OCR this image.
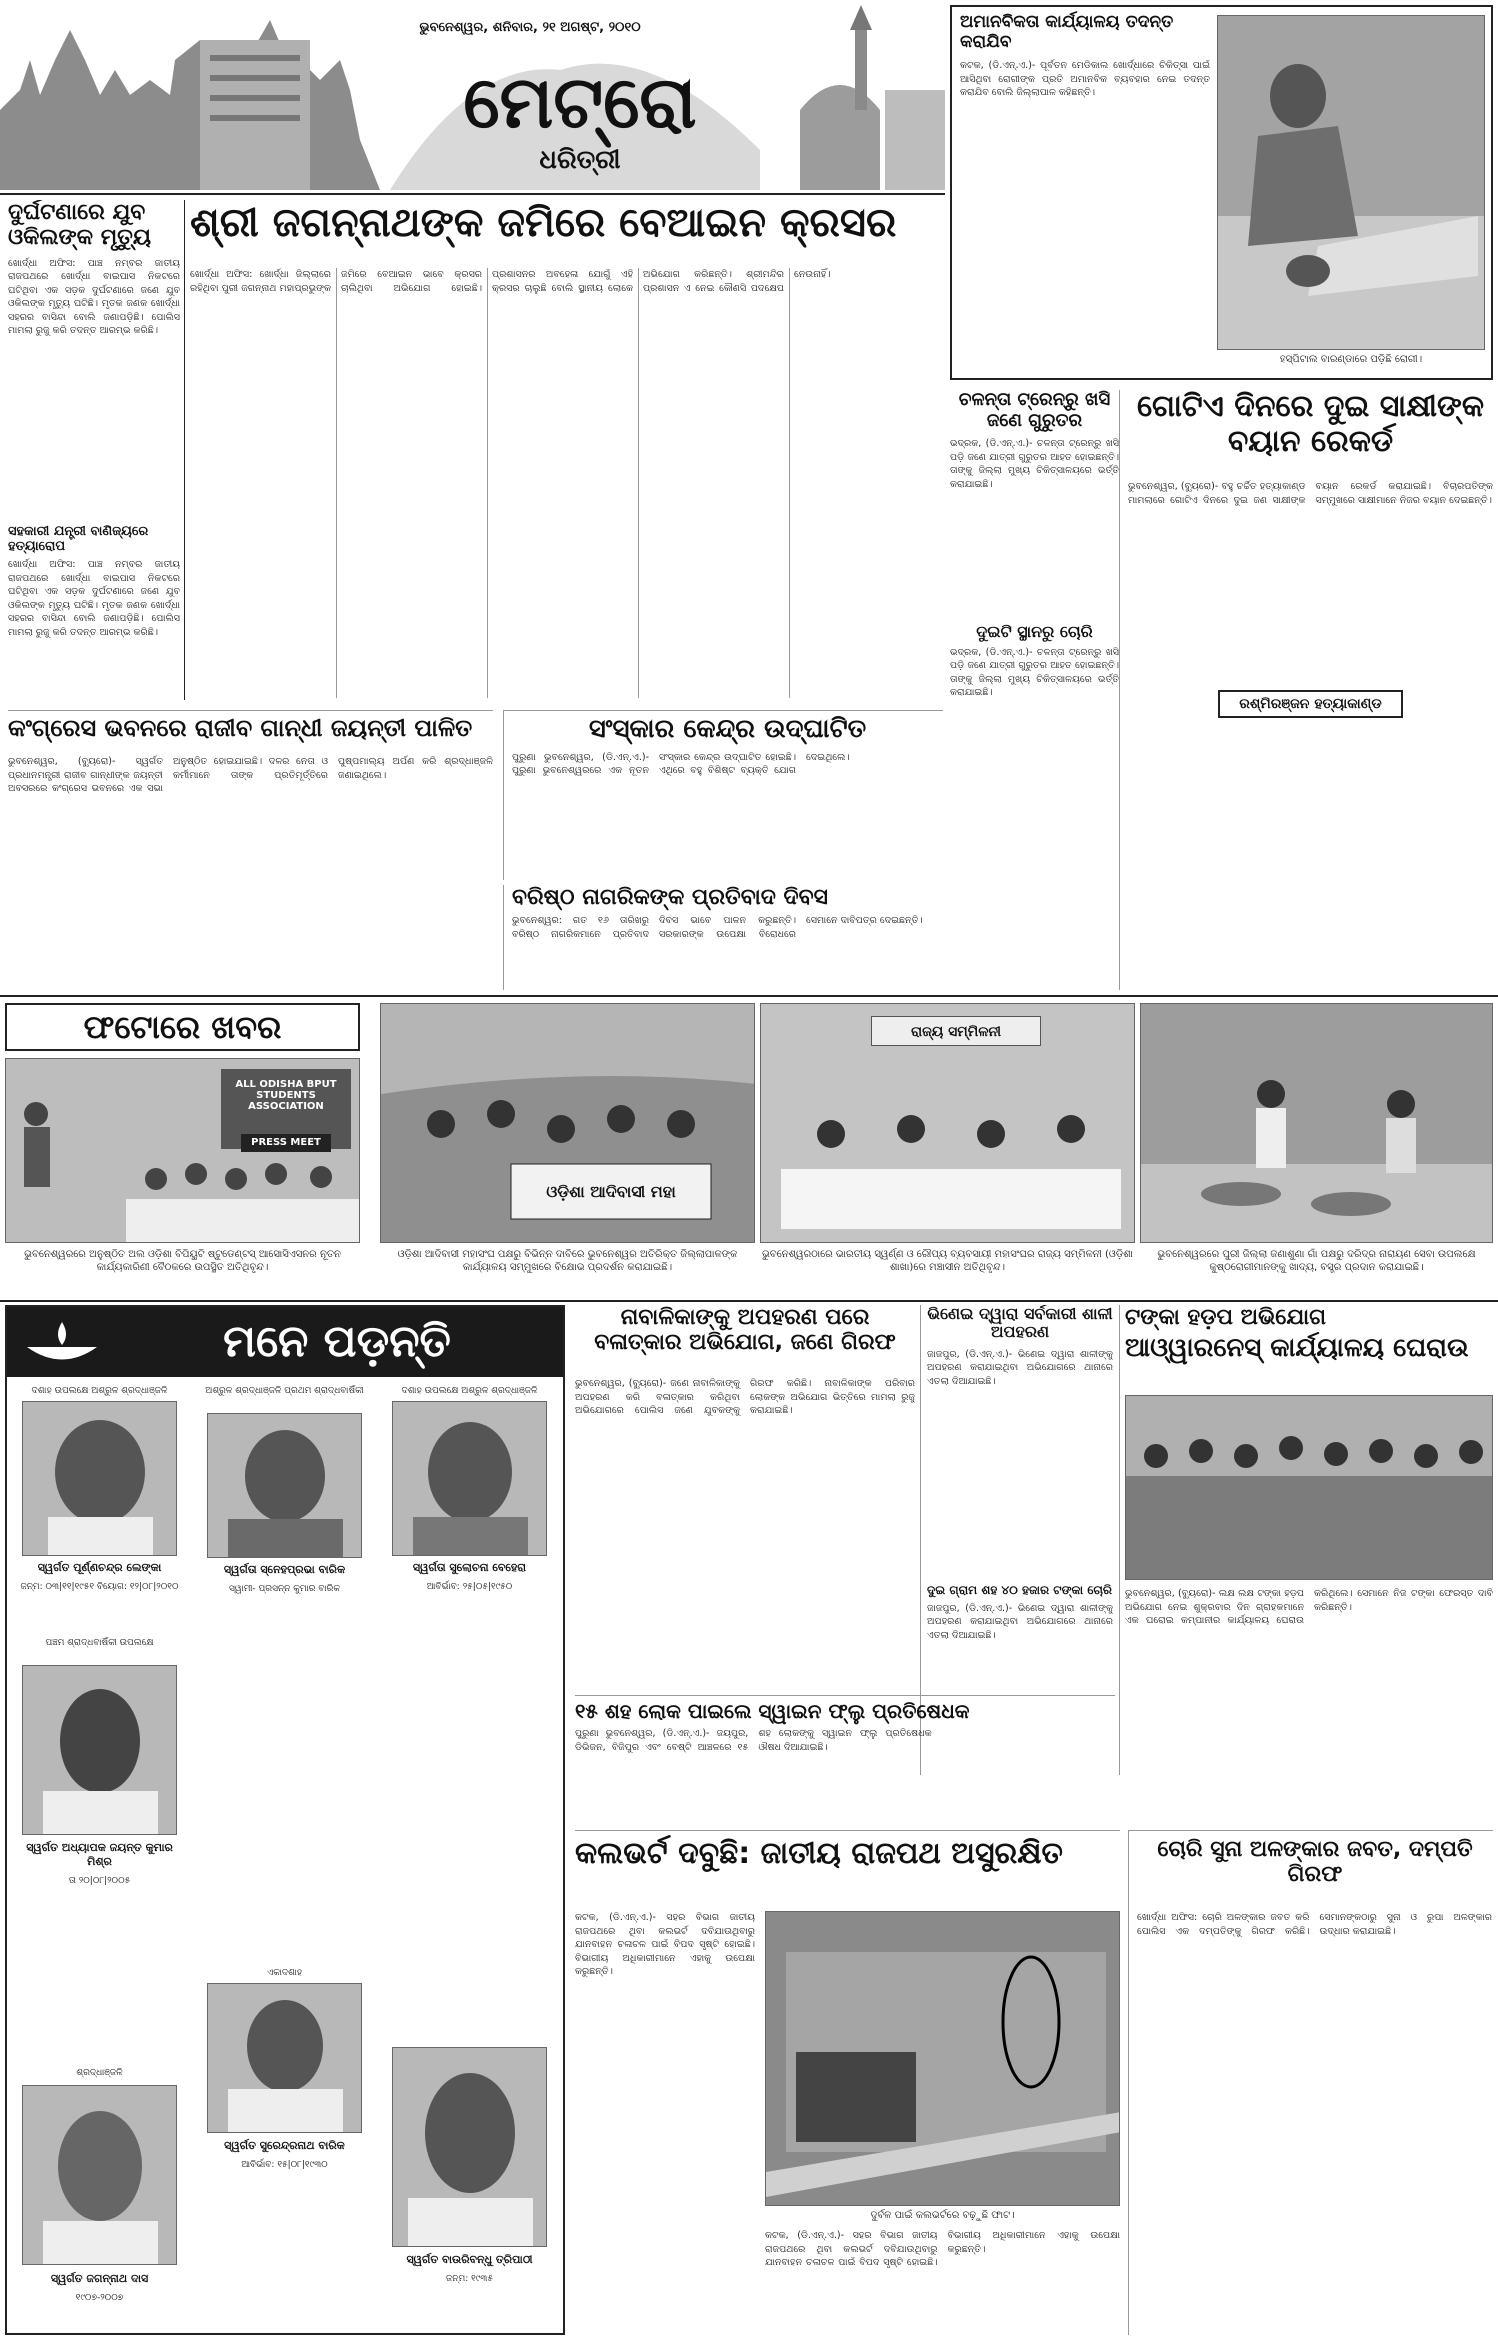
ଭୁବନେଶ୍ୱର, ଶନିବାର, ୨୧ ଅଗଷ୍ଟ, ୨୦୧୦
ମେଟ୍ରୋ
ଧରିତ୍ରୀ
ଦୁର୍ଘଟଣାରେ ଯୁବ ଓକିଲଙ୍କ ମୃତ୍ୟୁ
ଖୋର୍ଦ୍ଧା ଅଫିସ: ପାଞ୍ଚ ନମ୍ବର ଜାତୀୟ ରାଜପଥରେ ଖୋର୍ଦ୍ଧା ବାଇପାସ ନିକଟରେ ଘଟିଥିବା ଏକ ସଡ଼କ ଦୁର୍ଘଟଣାରେ ଜଣେ ଯୁବ ଓକିଲଙ୍କ ମୃତ୍ୟୁ ଘଟିଛି। ମୃତକ ଜଣକ ଖୋର୍ଦ୍ଧା ସହରର ବାସିନ୍ଦା ବୋଲି ଜଣାପଡ଼ିଛି। ପୋଲିସ ମାମଲା ରୁଜୁ କରି ତଦନ୍ତ ଆରମ୍ଭ କରିଛି।
ସହକାରୀ ଯନ୍ତ୍ରୀ ବାଣିଜ୍ୟରେ ହତ୍ୟାରୋପ
ଖୋର୍ଦ୍ଧା ଅଫିସ: ପାଞ୍ଚ ନମ୍ବର ଜାତୀୟ ରାଜପଥରେ ଖୋର୍ଦ୍ଧା ବାଇପାସ ନିକଟରେ ଘଟିଥିବା ଏକ ସଡ଼କ ଦୁର୍ଘଟଣାରେ ଜଣେ ଯୁବ ଓକିଲଙ୍କ ମୃତ୍ୟୁ ଘଟିଛି। ମୃତକ ଜଣକ ଖୋର୍ଦ୍ଧା ସହରର ବାସିନ୍ଦା ବୋଲି ଜଣାପଡ଼ିଛି। ପୋଲିସ ମାମଲା ରୁଜୁ କରି ତଦନ୍ତ ଆରମ୍ଭ କରିଛି।
ଶ୍ରୀ ଜଗନ୍ନାଥଙ୍କ ଜମିରେ ବେଆଇନ କ୍ରସର
ଖୋର୍ଦ୍ଧା ଅଫିସ: ଖୋର୍ଦ୍ଧା ଜିଲ୍ଲାରେ ରହିଥିବା ପୁରୀ ଜଗନ୍ନାଥ ମହାପ୍ରଭୁଙ୍କ ଜମିରେ ବେଆଇନ ଭାବେ କ୍ରସର ଚାଲିଥିବା ଅଭିଯୋଗ ହୋଇଛି। ପ୍ରଶାସନର ଅବହେଳା ଯୋଗୁଁ ଏହି କ୍ରସର ଚାଲୁଛି ବୋଲି ସ୍ଥାନୀୟ ଲୋକେ ଅଭିଯୋଗ କରିଛନ୍ତି। ଶ୍ରୀମନ୍ଦିର ପ୍ରଶାସନ ଏ ନେଇ କୌଣସି ପଦକ୍ଷେପ ନେଉନାହିଁ।
ଅମାନବିକତା କାର୍ଯ୍ୟାଳୟ ତଦନ୍ତ କରାଯିବ
କଟକ, (ଡି.ଏନ୍.ଏ.)- ପୂର୍ବତନ ମେଡିକାଲ ଖୋର୍ଦ୍ଧାରେ ଚିକିତ୍ସା ପାଇଁ ଆସିଥିବା ରୋଗୀଙ୍କ ପ୍ରତି ଅମାନବିକ ବ୍ୟବହାର ନେଇ ତଦନ୍ତ କରାଯିବ ବୋଲି ଜିଲ୍ଲାପାଳ କହିଛନ୍ତି।
ହସ୍ପିଟାଲ ବାରଣ୍ଡାରେ ପଡ଼ିଛି ରୋଗୀ।
ଚଳନ୍ତା ଟ୍ରେନ୍‌ରୁ ଖସି ଜଣେ ଗୁରୁତର
ଭଦ୍ରକ, (ଡି.ଏନ୍.ଏ.)- ଚଳନ୍ତା ଟ୍ରେନ୍‌ରୁ ଖସି ପଡ଼ି ଜଣେ ଯାତ୍ରୀ ଗୁରୁତର ଆହତ ହୋଇଛନ୍ତି। ତାଙ୍କୁ ଜିଲ୍ଲା ମୁଖ୍ୟ ଚିକିତ୍ସାଳୟରେ ଭର୍ତ୍ତି କରାଯାଇଛି।
ଦୁଇଟି ସ୍ଥାନରୁ ଚୋରି
ଭଦ୍ରକ, (ଡି.ଏନ୍.ଏ.)- ଚଳନ୍ତା ଟ୍ରେନ୍‌ରୁ ଖସି ପଡ଼ି ଜଣେ ଯାତ୍ରୀ ଗୁରୁତର ଆହତ ହୋଇଛନ୍ତି। ତାଙ୍କୁ ଜିଲ୍ଲା ମୁଖ୍ୟ ଚିକିତ୍ସାଳୟରେ ଭର୍ତ୍ତି କରାଯାଇଛି।
ଗୋଟିଏ ଦିନରେ ଦୁଇ ସାକ୍ଷୀଙ୍କ ବୟାନ ରେକର୍ଡ
ଭୁବନେଶ୍ୱର, (ବ୍ୟୁରୋ)- ବହୁ ଚର୍ଚ୍ଚିତ ହତ୍ୟାକାଣ୍ଡ ମାମଲାରେ ଗୋଟିଏ ଦିନରେ ଦୁଇ ଜଣ ସାକ୍ଷୀଙ୍କ ବୟାନ ରେକର୍ଡ କରାଯାଇଛି। ବିଚାରପତିଙ୍କ ସମ୍ମୁଖରେ ସାକ୍ଷୀମାନେ ନିଜର ବୟାନ ଦେଇଛନ୍ତି।
ରଶ୍ମିରଞ୍ଜନ ହତ୍ୟାକାଣ୍ଡ
କଂଗ୍ରେସ ଭବନରେ ରାଜୀବ ଗାନ୍ଧୀ ଜୟନ୍ତୀ ପାଳିତ
ଭୁବନେଶ୍ୱର, (ବ୍ୟୁରୋ)- ସ୍ୱର୍ଗତ ପ୍ରଧାନମନ୍ତ୍ରୀ ରାଜୀବ ଗାନ୍ଧୀଙ୍କ ଜୟନ୍ତୀ ଅବସରରେ କଂଗ୍ରେସ ଭବନରେ ଏକ ସଭା ଅନୁଷ୍ଠିତ ହୋଇଯାଇଛି। ଦଳର ନେତା ଓ କର୍ମୀମାନେ ତାଙ୍କ ପ୍ରତିମୂର୍ତ୍ତିରେ ପୁଷ୍ପମାଲ୍ୟ ଅର୍ପଣ କରି ଶ୍ରଦ୍ଧାଞ୍ଜଳି ଜଣାଇଥିଲେ।
ସଂସ୍କାର କେନ୍ଦ୍ର ଉଦ୍‌ଘାଟିତ
ପୁରୁଣା ଭୁବନେଶ୍ୱର, (ଡି.ଏନ୍.ଏ.)- ପୁରୁଣା ଭୁବନେଶ୍ୱରରେ ଏକ ନୂତନ ସଂସ୍କାର କେନ୍ଦ୍ର ଉଦ୍‌ଘାଟିତ ହୋଇଛି। ଏଥିରେ ବହୁ ବିଶିଷ୍ଟ ବ୍ୟକ୍ତି ଯୋଗ ଦେଇଥିଲେ।
ବରିଷ୍ଠ ନାଗରିକଙ୍କ ପ୍ରତିବାଦ ଦିବସ
ଭୁବନେଶ୍ୱର: ଗତ ୧୬ ତାରିଖରୁ ବରିଷ୍ଠ ନାଗରିକମାନେ ପ୍ରତିବାଦ ଦିବସ ଭାବେ ପାଳନ କରୁଛନ୍ତି। ସରକାରଙ୍କ ଉପେକ୍ଷା ବିରୋଧରେ ସେମାନେ ଦାବିପତ୍ର ଦେଇଛନ୍ତି।
ଫଟୋରେ ଖବର
ALL ODISHA BPUT STUDENTS ASSOCIATION
PRESS MEET
ଭୁବନେଶ୍ୱରରେ ଅନୁଷ୍ଠିତ ଅଲ ଓଡ଼ିଶା ବିପିୟୁଟି ଷ୍ଟୁଡେଣ୍ଟସ୍ ଆସୋସିଏସନର ନୂତନ କାର୍ଯ୍ୟକାରିଣୀ ବୈଠକରେ ଉପସ୍ଥିତ ଅତିଥିବୃନ୍ଦ।
ଓଡ଼ିଶା ଆଦିବାସୀ ମହା
ଓଡ଼ିଶା ଆଦିବାସୀ ମହାସଂଘ ପକ୍ଷରୁ ବିଭିନ୍ନ ଦାବିରେ ଭୁବନେଶ୍ୱର ଅତିରିକ୍ତ ଜିଲ୍ଲାପାଳଙ୍କ କାର୍ଯ୍ୟାଳୟ ସମ୍ମୁଖରେ ବିକ୍ଷୋଭ ପ୍ରଦର୍ଶନ କରାଯାଇଛି।
ରାଜ୍ୟ ସମ୍ମିଳନୀ
ଭୁବନେଶ୍ୱରଠାରେ ଭାରତୀୟ ସ୍ୱର୍ଣ୍ଣ ଓ ରୌପ୍ୟ ବ୍ୟବସାୟୀ ମହାସଂଘର ରାଜ୍ୟ ସମ୍ମିଳନୀ (ଓଡ଼ିଶା ଶାଖା)ରେ ମଞ୍ଚାସୀନ ଅତିଥିବୃନ୍ଦ।
ଭୁବନେଶ୍ୱରରେ ପୁରୀ ଜିଲ୍ଲା ଜଣାଶୁଣା ଗାଁ ପକ୍ଷରୁ ଦରିଦ୍ର ନାରାୟଣ ସେବା ଉପଲକ୍ଷେ କୁଷ୍ଠରୋଗୀମାନଙ୍କୁ ଖାଦ୍ୟ, ବସ୍ତ୍ର ପ୍ରଦାନ କରାଯାଇଛି।
ମନେ ପଡ଼ନ୍ତି
ଦଶାହ ଉପଲକ୍ଷେ ଅଶ୍ରୁଳ ଶ୍ରଦ୍ଧାଞ୍ଜଳି
ସ୍ୱର୍ଗତ ପୂର୍ଣ୍ଣଚନ୍ଦ୍ର ଲେଙ୍କା
ଜନ୍ମ: ୦୩|୧୧|୧୯୫୧ ବିୟୋଗ: ୧୨|୦୮|୨୦୧୦
ଅଶ୍ରୁଳ ଶ୍ରଦ୍ଧାଞ୍ଜଳି ପ୍ରଥମ ଶ୍ରାଦ୍ଧବାର୍ଷିକୀ
ସ୍ୱର୍ଗତା ସ୍ନେହପ୍ରଭା ବାରିକ
ସ୍ୱାମୀ- ପ୍ରସନ୍ନ କୁମାର ବାରିକ
ଦଶାହ ଉପଲକ୍ଷେ ଅଶ୍ରୁଳ ଶ୍ରଦ୍ଧାଞ୍ଜଳି
ସ୍ୱର୍ଗତା ସୁଲୋଚନା ବେହେରା
ଆବିର୍ଭାବ: ୨୫|୦୫|୧୯୫୦
ପଞ୍ଚମ ଶ୍ରାଦ୍ଧବାର୍ଷିକୀ ଉପଲକ୍ଷେ
ସ୍ୱର୍ଗତ ଅଧ୍ୟାପକ ଜୟନ୍ତ କୁମାର ମିଶ୍ର
ତା ୨୦|୦୮|୨୦୦୫
ଏକାଦଶାହ
ସ୍ୱର୍ଗତ ସୁରେନ୍ଦ୍ରନାଥ ବାରିକ
ଆବିର୍ଭାବ: ୧୫|୦୮|୧୯୩୦
ଶ୍ରଦ୍ଧାଞ୍ଜଳି
ସ୍ୱର୍ଗତ ଜଗନ୍ନାଥ ଦାସ
୧୯୦୭-୨୦୦୭
ସ୍ୱର୍ଗତ ବାଉରିବନ୍ଧୁ ତ୍ରିପାଠୀ
ଜନ୍ମ: ୧୯୩୫
ନାବାଳିକାଙ୍କୁ ଅପହରଣ ପରେ ବଳାତ୍କାର ଅଭିଯୋଗ, ଜଣେ ଗିରଫ
ଭୁବନେଶ୍ୱର, (ବ୍ୟୁରୋ)- ଜଣେ ନାବାଳିକାଙ୍କୁ ଅପହରଣ କରି ବଳାତ୍କାର କରିଥିବା ଅଭିଯୋଗରେ ପୋଲିସ ଜଣେ ଯୁବକଙ୍କୁ ଗିରଫ କରିଛି। ନାବାଳିକାଙ୍କ ପରିବାର ଲୋକଙ୍କ ଅଭିଯୋଗ ଭିତ୍ତିରେ ମାମଲା ରୁଜୁ କରାଯାଇଛି।
ଭିଣେଇ ଦ୍ୱାରା ସର୍ବକାରୀ ଶାଳୀ ଅପହରଣ
ଜାଜପୁର, (ଡି.ଏନ୍.ଏ.)- ଭିଣେଇ ଦ୍ୱାରା ଶାଳୀଙ୍କୁ ଅପହରଣ କରାଯାଇଥିବା ଅଭିଯୋଗରେ ଥାନାରେ ଏତଲା ଦିଆଯାଇଛି।
ଦୁଇ ଗ୍ରାମ ଶହ ୪୦ ହଜାର ଟଙ୍କା ଚୋରି
ଜାଜପୁର, (ଡି.ଏନ୍.ଏ.)- ଭିଣେଇ ଦ୍ୱାରା ଶାଳୀଙ୍କୁ ଅପହରଣ କରାଯାଇଥିବା ଅଭିଯୋଗରେ ଥାନାରେ ଏତଲା ଦିଆଯାଇଛି।
୧୫ ଶହ ଲୋକ ପାଇଲେ ସ୍ୱାଇନ ଫ୍ଲୁ ପ୍ରତିଷେଧକ
ପୁରୁଣା ଭୁବନେଶ୍ୱର, (ଡି.ଏନ୍.ଏ.)- ଜୟପୁର, ଡିଭିଜନ, ବିଜିପୁର ଏବଂ ବେଷ୍ଟି ଆଞ୍ଚଳରେ ୧୫ ଶହ ଲୋକଙ୍କୁ ସ୍ୱାଇନ ଫ୍ଲୁ ପ୍ରତିଷେଧକ ଔଷଧ ଦିଆଯାଇଛି।
ଟଙ୍କା ହଡ଼ପ ଅଭିଯୋଗ
ଆଓ୍ୱାରନେସ୍ କାର୍ଯ୍ୟାଳୟ ଘେରାଉ
ଭୁବନେଶ୍ୱର, (ବ୍ୟୁରୋ)- ଲକ୍ଷ ଲକ୍ଷ ଟଙ୍କା ହଡ଼ପ ଅଭିଯୋଗ ନେଇ ଶୁକ୍ରବାର ଦିନ ଗ୍ରାହକମାନେ ଏକ ଘରୋଇ କମ୍ପାନୀର କାର୍ଯ୍ୟାଳୟ ଘେରାଉ କରିଥିଲେ। ସେମାନେ ନିଜ ଟଙ୍କା ଫେରସ୍ତ ଦାବି କରିଛନ୍ତି।
କଲଭର୍ଟ ଦବୁଛି: ଜାତୀୟ ରାଜପଥ ଅସୁରକ୍ଷିତ
କଟକ, (ଡି.ଏନ୍.ଏ.)- ସହର ବିଭାଗ ଜାତୀୟ ରାଜପଥରେ ଥିବା କଲଭର୍ଟ ଦବିଯାଉଥିବାରୁ ଯାନବାହନ ଚଳାଚଳ ପାଇଁ ବିପଦ ସୃଷ୍ଟି ହୋଇଛି। ବିଭାଗୀୟ ଅଧିକାରୀମାନେ ଏହାକୁ ଉପେକ୍ଷା କରୁଛନ୍ତି।
ଦୁର୍ବଳ ପାଇଁ କଲଭର୍ଟରେ ବଢ଼ୁଛି ଫାଟ।
କଟକ, (ଡି.ଏନ୍.ଏ.)- ସହର ବିଭାଗ ଜାତୀୟ ରାଜପଥରେ ଥିବା କଲଭର୍ଟ ଦବିଯାଉଥିବାରୁ ଯାନବାହନ ଚଳାଚଳ ପାଇଁ ବିପଦ ସୃଷ୍ଟି ହୋଇଛି। ବିଭାଗୀୟ ଅଧିକାରୀମାନେ ଏହାକୁ ଉପେକ୍ଷା କରୁଛନ୍ତି।
ଚୋରି ସୁନା ଅଳଙ୍କାର ଜବତ, ଦମ୍ପତି ଗିରଫ
ଖୋର୍ଦ୍ଧା ଅଫିସ: ଚୋରି ଅଳଙ୍କାର ଜବତ କରି ପୋଲିସ ଏକ ଦମ୍ପତିଙ୍କୁ ଗିରଫ କରିଛି। ସେମାନଙ୍କଠାରୁ ସୁନା ଓ ରୁପା ଅଳଙ୍କାର ଉଦ୍ଧାର କରାଯାଇଛି।
